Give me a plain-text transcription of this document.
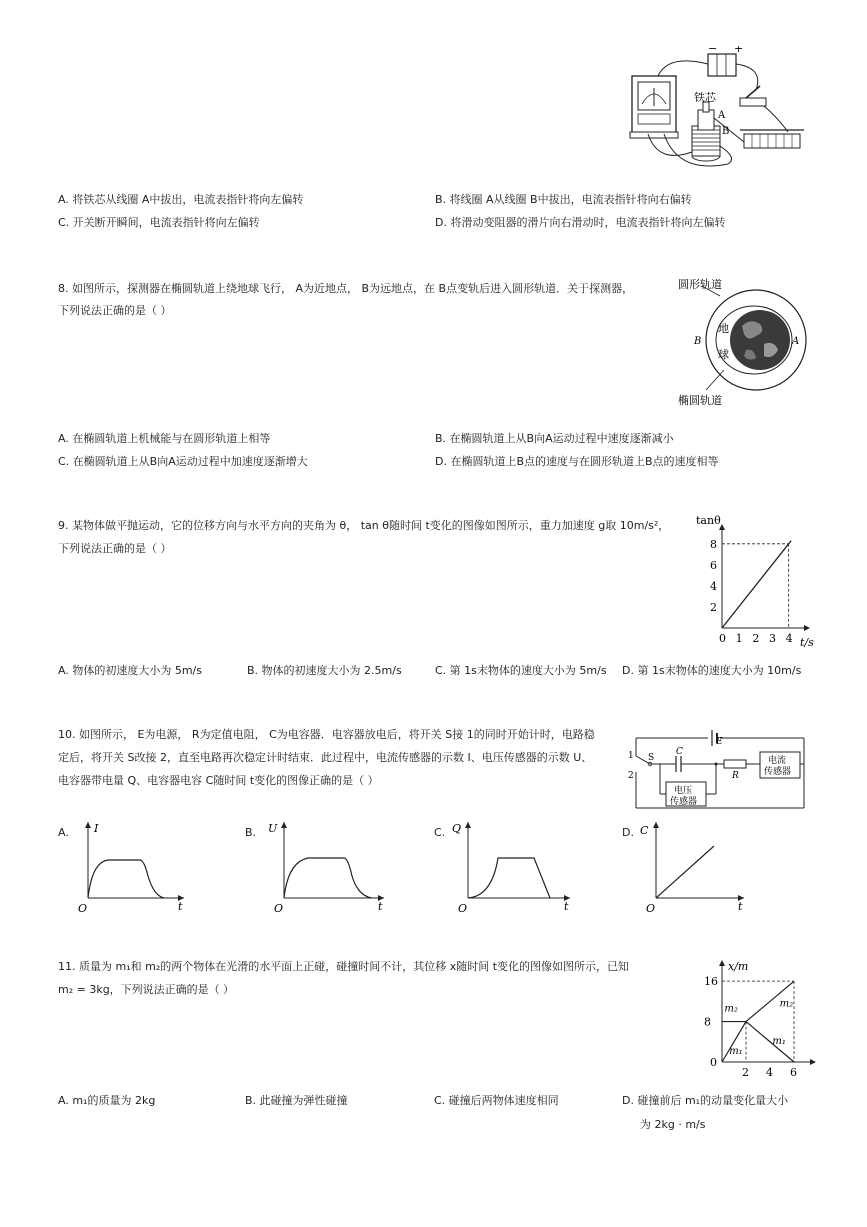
− +
铁芯
A
B
A. 将铁芯从线圈 A中拔出，电流表指针将向左偏转	B. 将线圈 A从线圈 B中拔出，电流表指针将向右偏转
C. 开关断开瞬间，电流表指针将向左偏转	D. 将滑动变阻器的滑片向右滑动时，电流表指针将向左偏转
8. 如图所示，探测器在椭圆轨道上绕地球飞行， A为近地点， B为远地点，在 B点变轨后进入圆形轨道．关于探测器，
下列说法正确的是（ ）
圆形轨道
地
球
B	A
椭圆轨道
A. 在椭圆轨道上机械能与在圆形轨道上相等	B. 在椭圆轨道上从B向A运动过程中速度逐渐减小
C. 在椭圆轨道上从B向A运动过程中加速度逐渐增大	D. 在椭圆轨道上B点的速度与在圆形轨道上B点的速度相等
9. 某物体做平抛运动，它的位移方向与水平方向的夹角为 θ， tan θ随时间 t变化的图像如图所示，重力加速度 g取 10m/s²，
下列说法正确的是（ ）
tanθ
t/s
0 1 2 3 4
2
4
6
8
A. 物体的初速度大小为 5m/s	B. 物体的初速度大小为 2.5m/s	C. 第 1s末物体的速度大小为 5m/s D. 第 1s末物体的速度大小为 10m/s
10. 如图所示， E为电源， R为定值电阻， C为电容器．电容器放电后，将开关 S接 1的同时开始计时，电路稳
定后，将开关 S改接 2，直至电路再次稳定计时结束．此过程中，电流传感器的示数 I、电压传感器的示数 U、
电容器带电量 Q、电容器电容 C随时间 t变化的图像正确的是（ ）
E
1
2
S
C
R
电压
传感器
电流
传感器
A. I
t
O
B. U
t
O
C. Q
t
O
D. C
t
O
11. 质量为 m₁和 m₂的两个物体在光滑的水平面上正碰，碰撞时间不计，其位移 x随时间 t变化的图像如图所示，已知
m₂ = 3kg，下列说法正确的是（ ）
x/m
0
2 4 6
8
16
m₂
m₁
m₂
m₁
A. m₁的质量为 2kg	B. 此碰撞为弹性碰撞	C. 碰撞后两物体速度相同	D. 碰撞前后 m₁的动量变化量大小
为 2kg · m/s
